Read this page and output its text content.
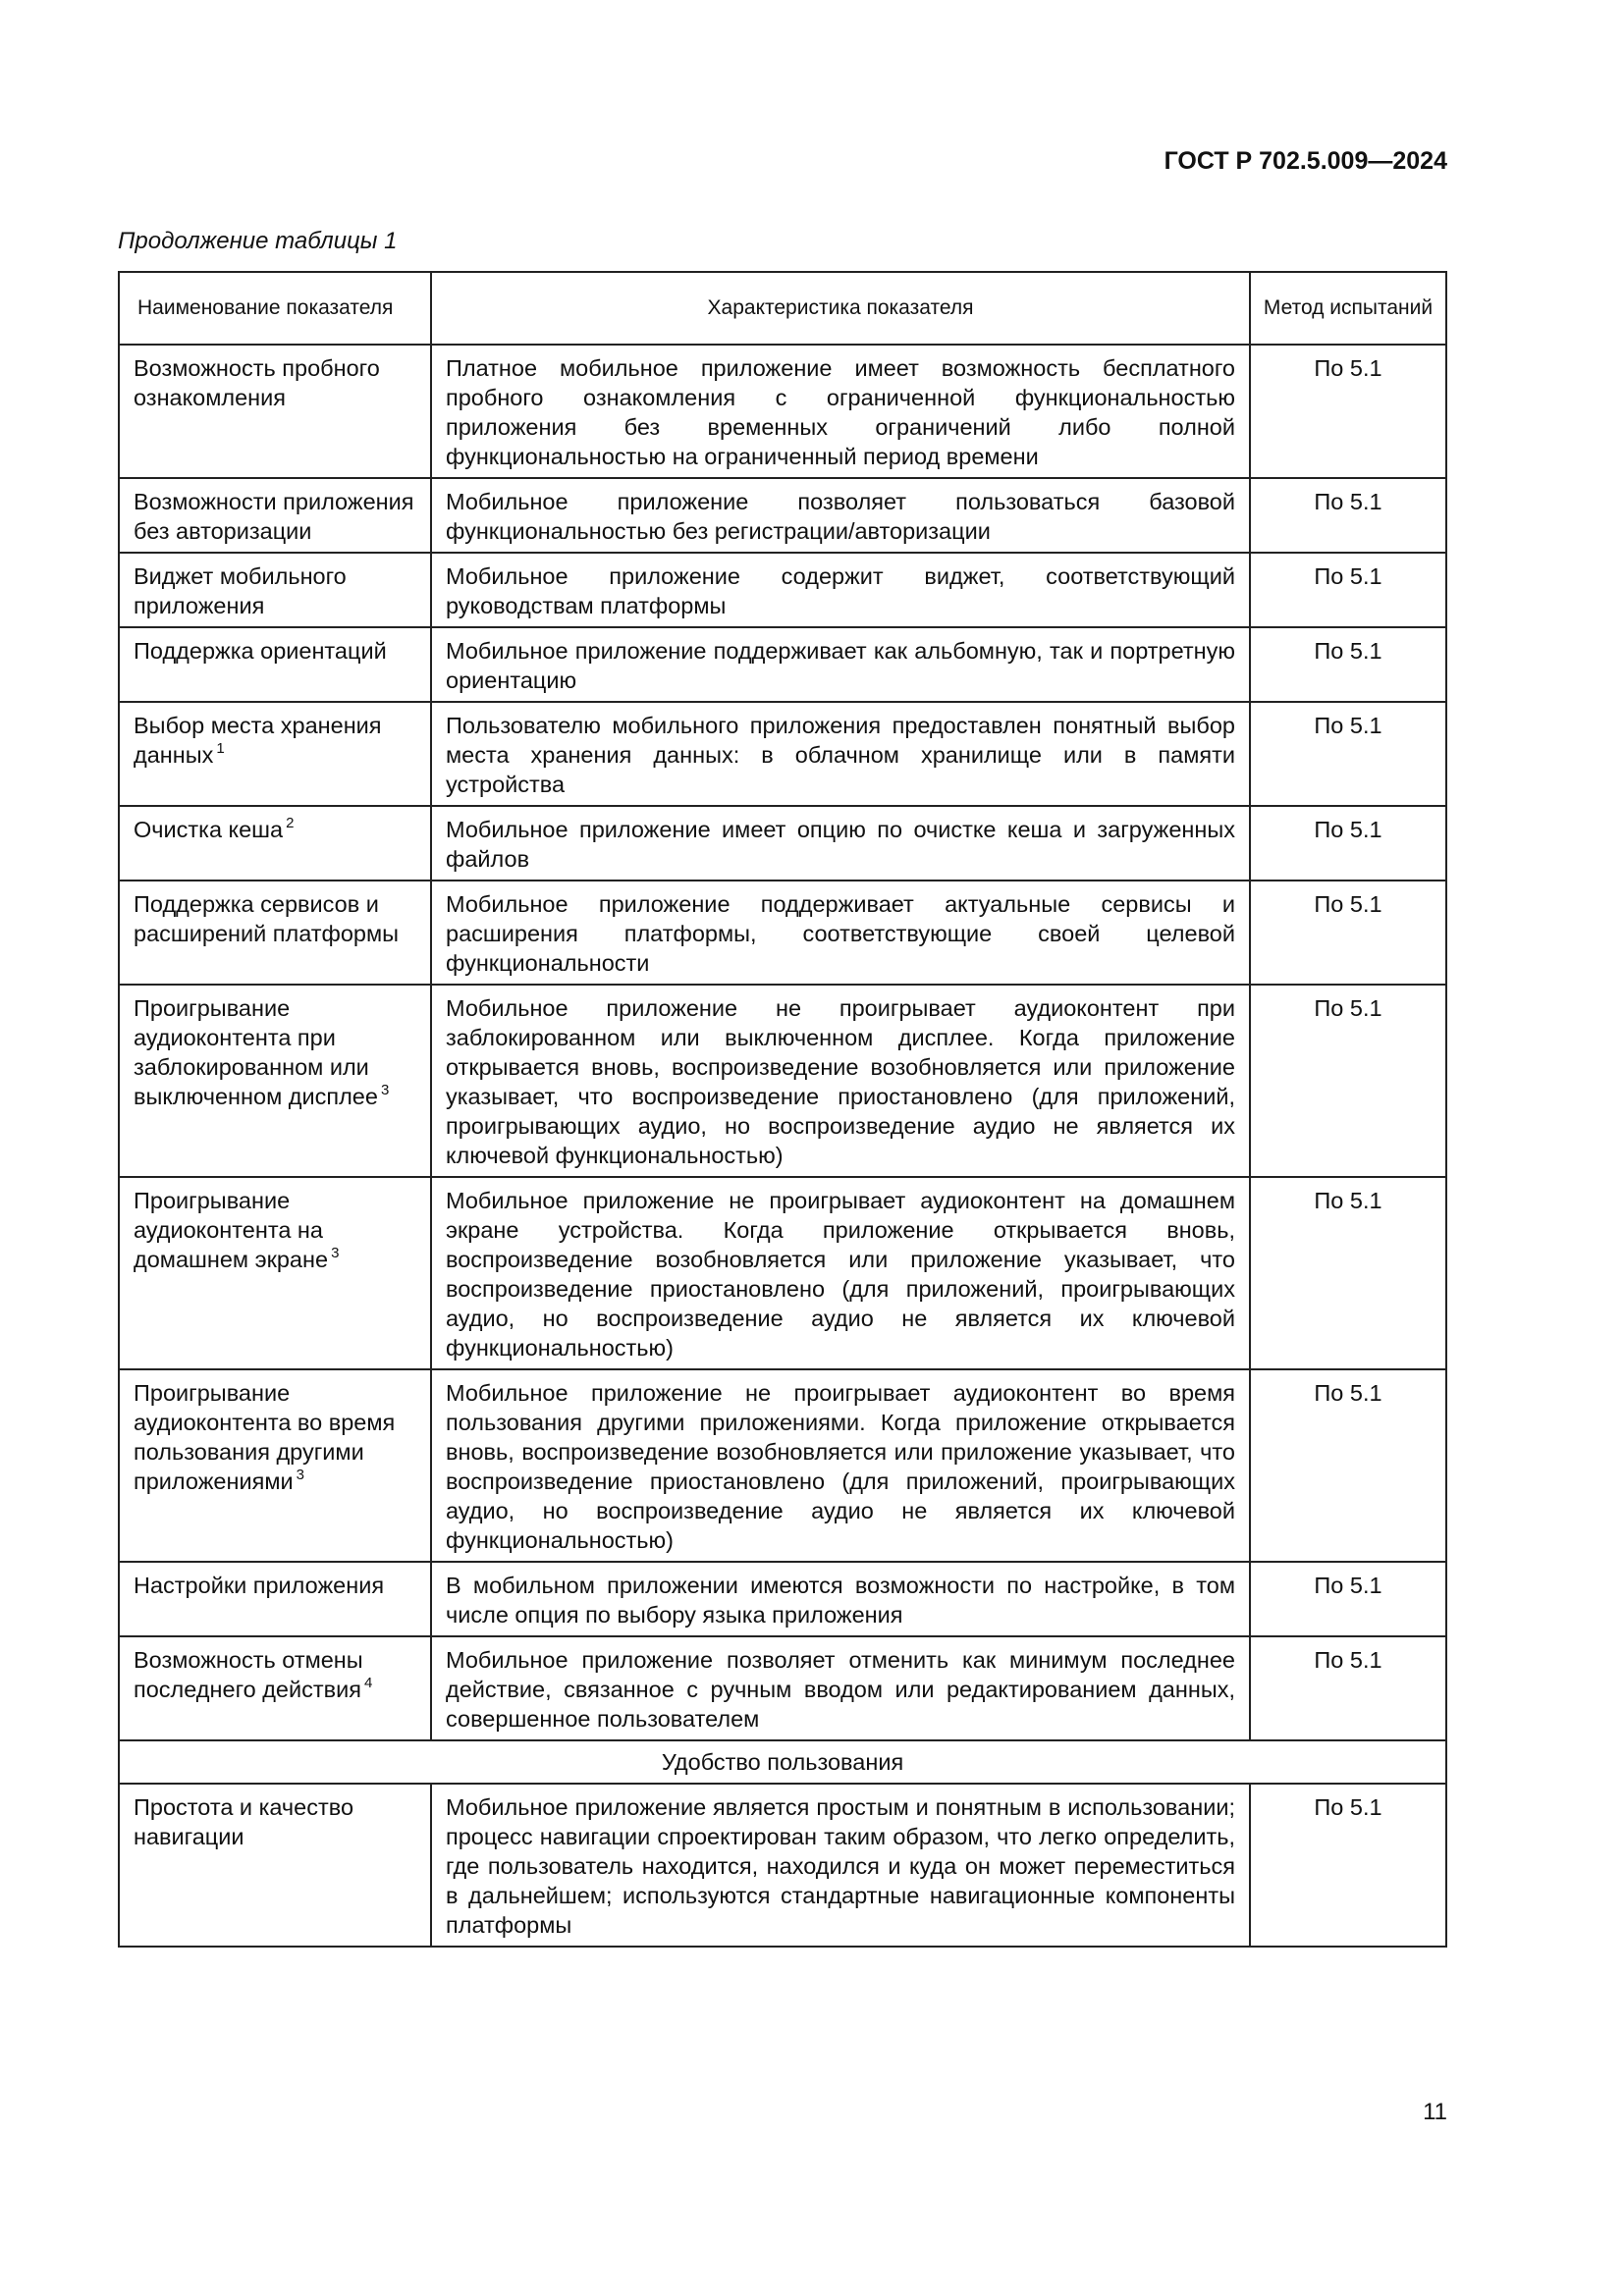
ГОСТ Р 702.5.009—2024
Продолжение таблицы 1
Наименование показателя	Характеристика показателя	Метод испытаний
Возможность пробного ознакомления	Платное мобильное приложение имеет возможность бесплатного пробного ознакомления с ограниченной функциональностью приложения без временных ограничений либо полной функциональностью на ограниченный период времени	По 5.1
Возможности приложения без авторизации	Мобильное приложение позволяет пользоваться базовой функциональностью без регистрации/авторизации	По 5.1
Виджет мобильного приложения	Мобильное приложение содержит виджет, соответствующий руководствам платформы	По 5.1
Поддержка ориентаций	Мобильное приложение поддерживает как альбомную, так и портретную ориентацию	По 5.1
Выбор места хранения данных $^1$	Пользователю мобильного приложения предоставлен понятный выбор места хранения данных: в облачном хранилище или в памяти устройства	По 5.1
Очистка кеша $^2$	Мобильное приложение имеет опцию по очистке кеша и загруженных файлов	По 5.1
Поддержка сервисов и расширений платформы	Мобильное приложение поддерживает актуальные сервисы и расширения платформы, соответствующие своей целевой функциональности	По 5.1
Проигрывание аудиоконтента при заблокированном или выключенном дисплее $^3$	Мобильное приложение не проигрывает аудиоконтент при заблокированном или выключенном дисплее. Когда приложение открывается вновь, воспроизведение возобновляется или приложение указывает, что воспроизведение приостановлено (для приложений, проигрывающих аудио, но воспроизведение аудио не является их ключевой функциональностью)	По 5.1
Проигрывание аудиоконтента на домашнем экране $^3$	Мобильное приложение не проигрывает аудиоконтент на домашнем экране устройства. Когда приложение открывается вновь, воспроизведение возобновляется или приложение указывает, что воспроизведение приостановлено (для приложений, проигрывающих аудио, но воспроизведение аудио не является их ключевой функциональностью)	По 5.1
Проигрывание аудиоконтента во время пользования другими приложениями $^3$	Мобильное приложение не проигрывает аудиоконтент во время пользования другими приложениями. Когда приложение открывается вновь, воспроизведение возобновляется или приложение указывает, что воспроизведение приостановлено (для приложений, проигрывающих аудио, но воспроизведение аудио не является их ключевой функциональностью)	По 5.1
Настройки приложения	В мобильном приложении имеются возможности по настройке, в том числе опция по выбору языка приложения	По 5.1
Возможность отмены последнего действия $^4$	Мобильное приложение позволяет отменить как минимум последнее действие, связанное с ручным вводом или редактированием данных, совершенное пользователем	По 5.1
Удобство пользования		
Простота и качество навигации	Мобильное приложение является простым и понятным в использовании; процесс навигации спроектирован таким образом, что легко определить, где пользователь находится, находился и куда он может переместиться в дальнейшем; используются стандартные навигационные компоненты платформы	По 5.1
11
